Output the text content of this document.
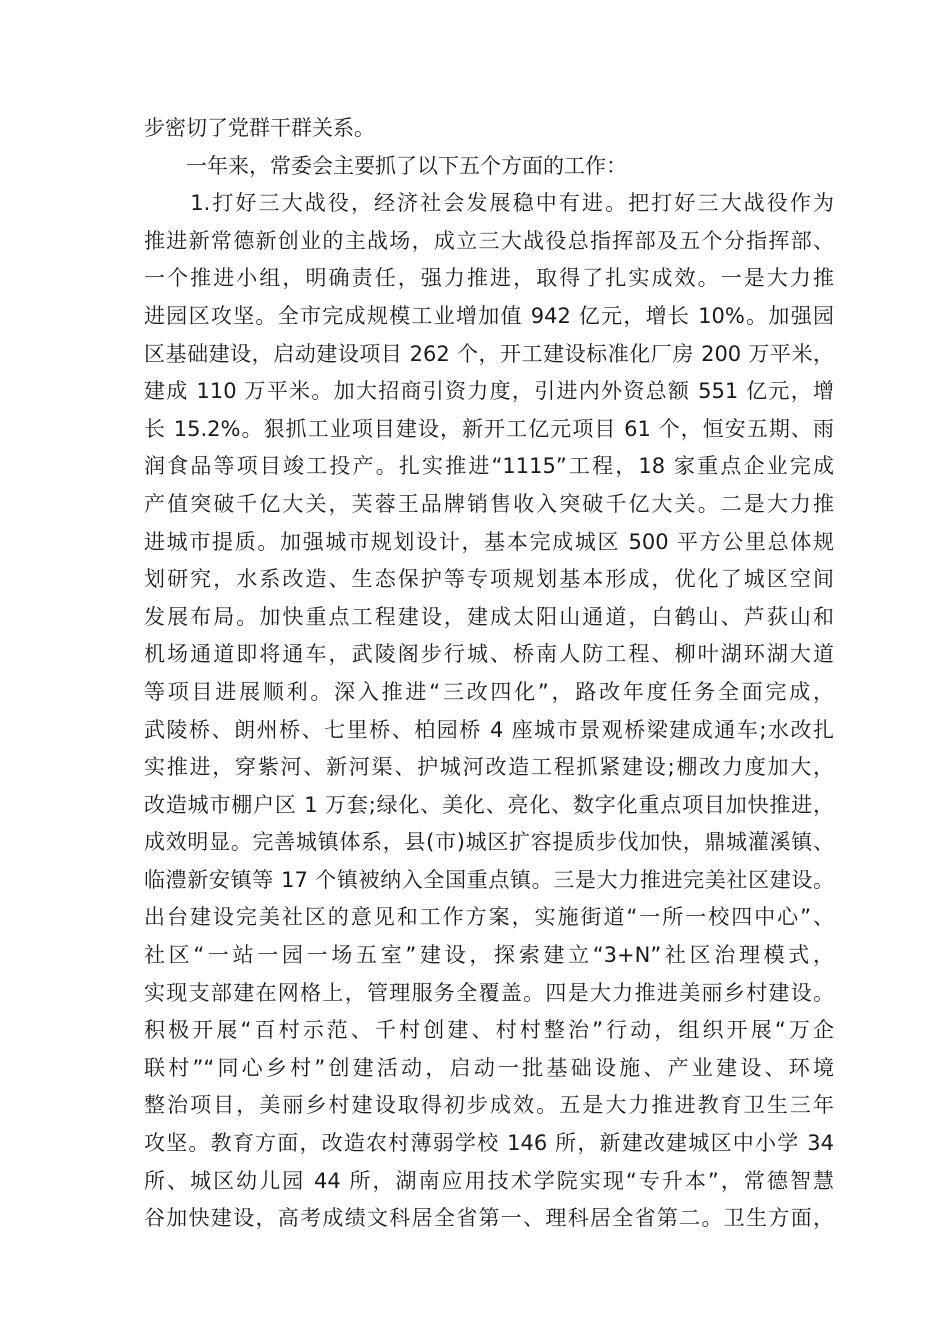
步密切了党群干群关系。
　　一年来，常委会主要抓了以下五个方面的工作：
　　1.打好三大战役，经济社会发展稳中有进。把打好三大战役作为
推进新常德新创业的主战场，成立三大战役总指挥部及五个分指挥部、
一个推进小组，明确责任，强力推进，取得了扎实成效。一是大力推
进园区攻坚。全市完成规模工业增加值 942 亿元，增长 10%。加强园
区基础建设，启动建设项目 262 个，开工建设标准化厂房 200 万平米，
建成 110 万平米。加大招商引资力度，引进内外资总额 551 亿元，增
长 15.2%。狠抓工业项目建设，新开工亿元项目 61 个，恒安五期、雨
润食品等项目竣工投产。扎实推进“1115”工程，18 家重点企业完成
产值突破千亿大关，芙蓉王品牌销售收入突破千亿大关。二是大力推
进城市提质。加强城市规划设计，基本完成城区 500 平方公里总体规
划研究，水系改造、生态保护等专项规划基本形成，优化了城区空间
发展布局。加快重点工程建设，建成太阳山通道，白鹤山、芦荻山和
机场通道即将通车，武陵阁步行城、桥南人防工程、柳叶湖环湖大道
等项目进展顺利。深入推进“三改四化”，路改年度任务全面完成，
武陵桥、朗州桥、七里桥、柏园桥 4 座城市景观桥梁建成通车;水改扎
实推进，穿紫河、新河渠、护城河改造工程抓紧建设;棚改力度加大，
改造城市棚户区 1 万套;绿化、美化、亮化、数字化重点项目加快推进，
成效明显。完善城镇体系，县(市)城区扩容提质步伐加快，鼎城灌溪镇、
临澧新安镇等 17 个镇被纳入全国重点镇。三是大力推进完美社区建设。
出台建设完美社区的意见和工作方案，实施街道“一所一校四中心”、
社区“一站一园一场五室”建设，探索建立“3+N”社区治理模式，
实现支部建在网格上，管理服务全覆盖。四是大力推进美丽乡村建设。
积极开展“百村示范、千村创建、村村整治”行动，组织开展“万企
联村”“同心乡村”创建活动，启动一批基础设施、产业建设、环境
整治项目，美丽乡村建设取得初步成效。五是大力推进教育卫生三年
攻坚。教育方面，改造农村薄弱学校 146 所，新建改建城区中小学 34
所、城区幼儿园 44 所，湖南应用技术学院实现“专升本”，常德智慧
谷加快建设，高考成绩文科居全省第一、理科居全省第二。卫生方面，
